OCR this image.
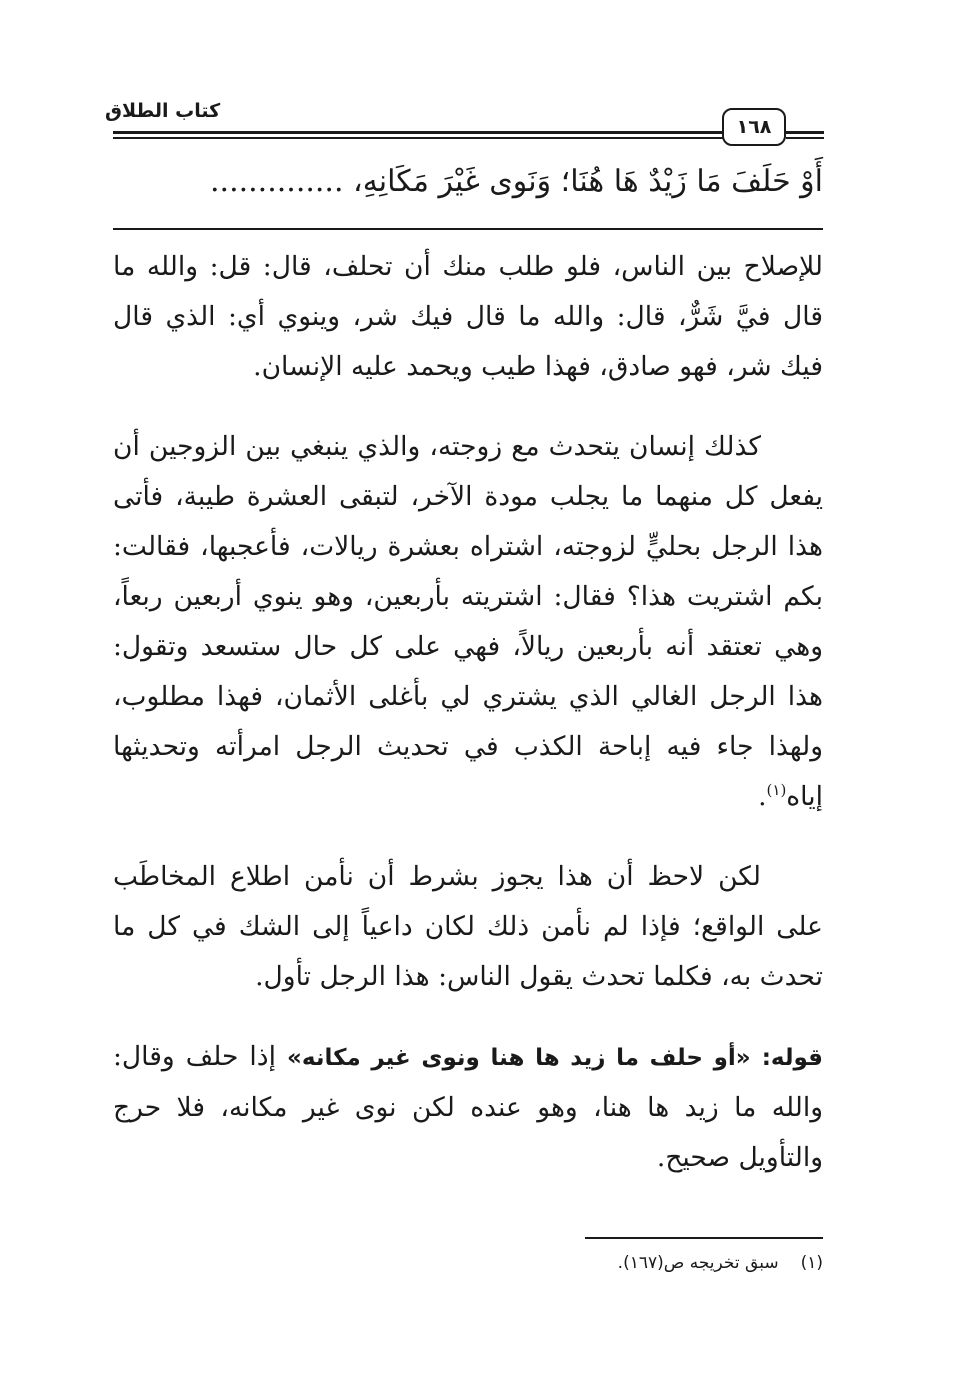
كتاب الطلاق
١٦٨
أَوْ حَلَفَ مَا زَيْدٌ هَا هُنَا؛ وَنَوى غَيْرَ مَكَانِهِ، ..............

للإصلاح بين الناس، فلو طلب منك أن تحلف، قال: قل: والله ما قال فيَّ شَرٌّ، قال: والله ما قال فيك شر، وينوي أي: الذي قال فيك شر، فهو صادق، فهذا طيب ويحمد عليه الإنسان.

كذلك إنسان يتحدث مع زوجته، والذي ينبغي بين الزوجين أن يفعل كل منهما ما يجلب مودة الآخر، لتبقى العشرة طيبة، فأتى هذا الرجل بحليٍّ لزوجته، اشتراه بعشرة ريالات، فأعجبها، فقالت: بكم اشتريت هذا؟ فقال: اشتريته بأربعين، وهو ينوي أربعين ربعاً، وهي تعتقد أنه بأربعين ريالاً، فهي على كل حال ستسعد وتقول: هذا الرجل الغالي الذي يشتري لي بأغلى الأثمان، فهذا مطلوب، ولهذا جاء فيه إباحة الكذب في تحديث الرجل امرأته وتحديثها إياه$^{(١)}$.

لكن لاحظ أن هذا يجوز بشرط أن نأمن اطلاع المخاطَب على الواقع؛ فإذا لم نأمن ذلك لكان داعياً إلى الشك في كل ما تحدث به، فكلما تحدث يقول الناس: هذا الرجل تأول.

قوله: «أو حلف ما زيد ها هنا ونوى غير مكانه» إذا حلف وقال: والله ما زيد ها هنا، وهو عنده لكن نوى غير مكانه، فلا حرج والتأويل صحيح.

(١)سبق تخريجه ص(١٦٧).
